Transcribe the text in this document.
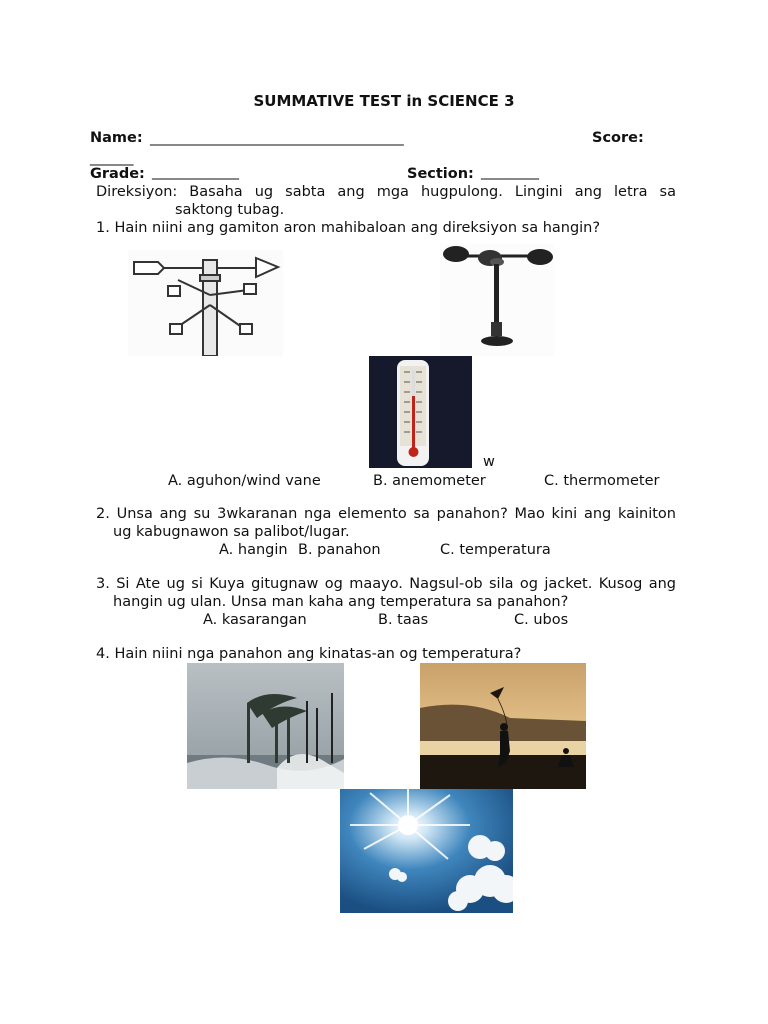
SUMMATIVE TEST in SCIENCE 3
Name: ___________________________________	Score:
______
Grade: ____________	Section: ________
Direksiyon: Basaha ug sabta ang mga hugpulong. Lingini ang letra sa
saktong tubag.
1. Hain niini ang gamiton aron mahibaloan ang direksiyon sa hangin?
w
A. aguhon/wind vane	B. anemometer	C. thermometer
2. Unsa ang su 3wkaranan nga elemento sa panahon? Mao kini ang kainiton
ug kabugnawon sa palibot/lugar.
A. hangin B. panahon	C. temperatura
3. Si Ate ug si Kuya gitugnaw og maayo. Nagsul-ob sila og jacket. Kusog ang
hangin ug ulan. Unsa man kaha ang temperatura sa panahon?
A. kasarangan	B. taas	C. ubos
4. Hain niini nga panahon ang kinatas-an og temperatura?
